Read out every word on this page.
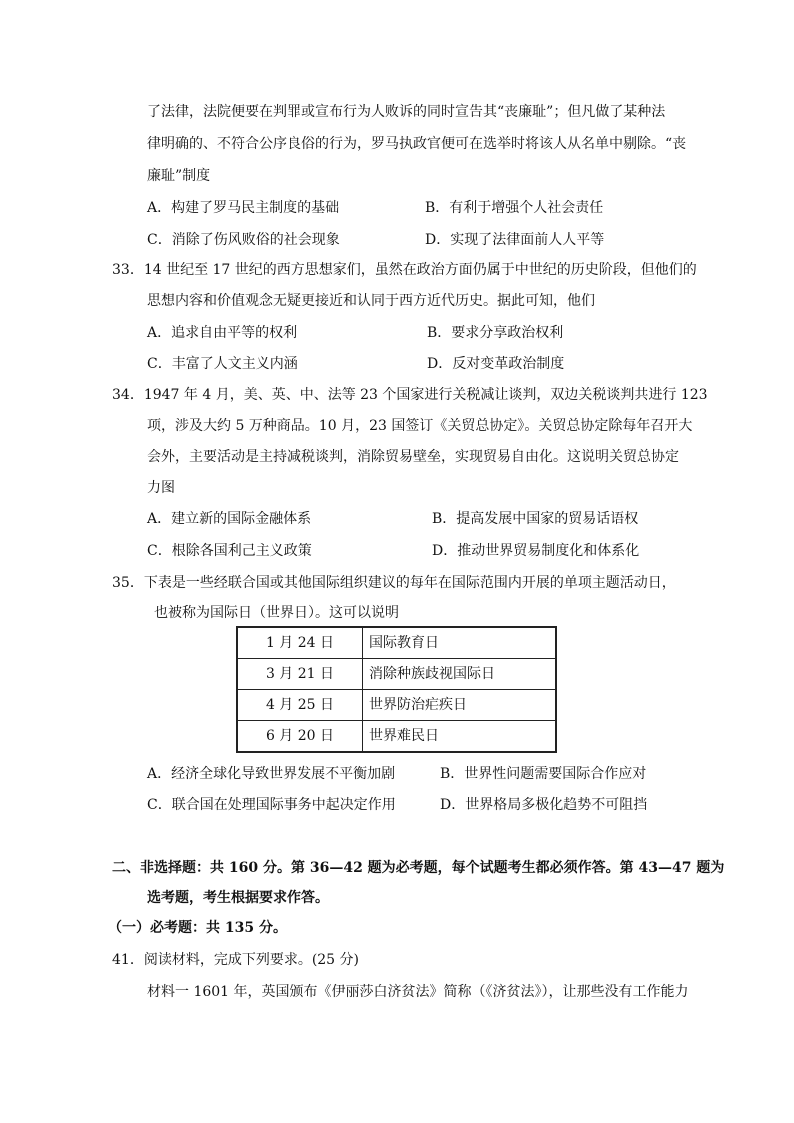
了法律，法院便要在判罪或宣布行为人败诉的同时宣告其“丧廉耻”；但凡做了某种法
律明确的、不符合公序良俗的行为，罗马执政官便可在选举时将该人从名单中剔除。“丧
廉耻”制度
A．构建了罗马民主制度的基础	B．有利于增强个人社会责任
C．消除了伤风败俗的社会现象	D．实现了法律面前人人平等
33．14 世纪至 17 世纪的西方思想家们，虽然在政治方面仍属于中世纪的历史阶段，但他们的
思想内容和价值观念无疑更接近和认同于西方近代历史。据此可知，他们
A．追求自由平等的权利	B．要求分享政治权利
C．丰富了人文主义内涵	D．反对变革政治制度
34．1947 年 4 月，美、英、中、法等 23 个国家进行关税减让谈判，双边关税谈判共进行 123
项，涉及大约 5 万种商品。10 月，23 国签订《关贸总协定》。关贸总协定除每年召开大
会外，主要活动是主持减税谈判，消除贸易壁垒，实现贸易自由化。这说明关贸总协定
力图
A．建立新的国际金融体系	B．提高发展中国家的贸易话语权
C．根除各国利己主义政策	D．推动世界贸易制度化和体系化
35．下表是一些经联合国或其他国际组织建议的每年在国际范围内开展的单项主题活动日，
也被称为国际日（世界日）。这可以说明
1 月 24 日	国际教育日
3 月 21 日	消除种族歧视国际日
4 月 25 日	世界防治疟疾日
6 月 20 日	世界难民日
A．经济全球化导致世界发展不平衡加剧	B．世界性问题需要国际合作应对
C．联合国在处理国际事务中起决定作用	D．世界格局多极化趋势不可阻挡
二、非选择题：共 160 分。第 36—42 题为必考题，每个试题考生都必须作答。第 43—47 题为
选考题，考生根据要求作答。
（一）必考题：共 135 分。
41．阅读材料，完成下列要求。(25 分)
材料一 1601 年，英国颁布《伊丽莎白济贫法》简称（《济贫法》），让那些没有工作能力
